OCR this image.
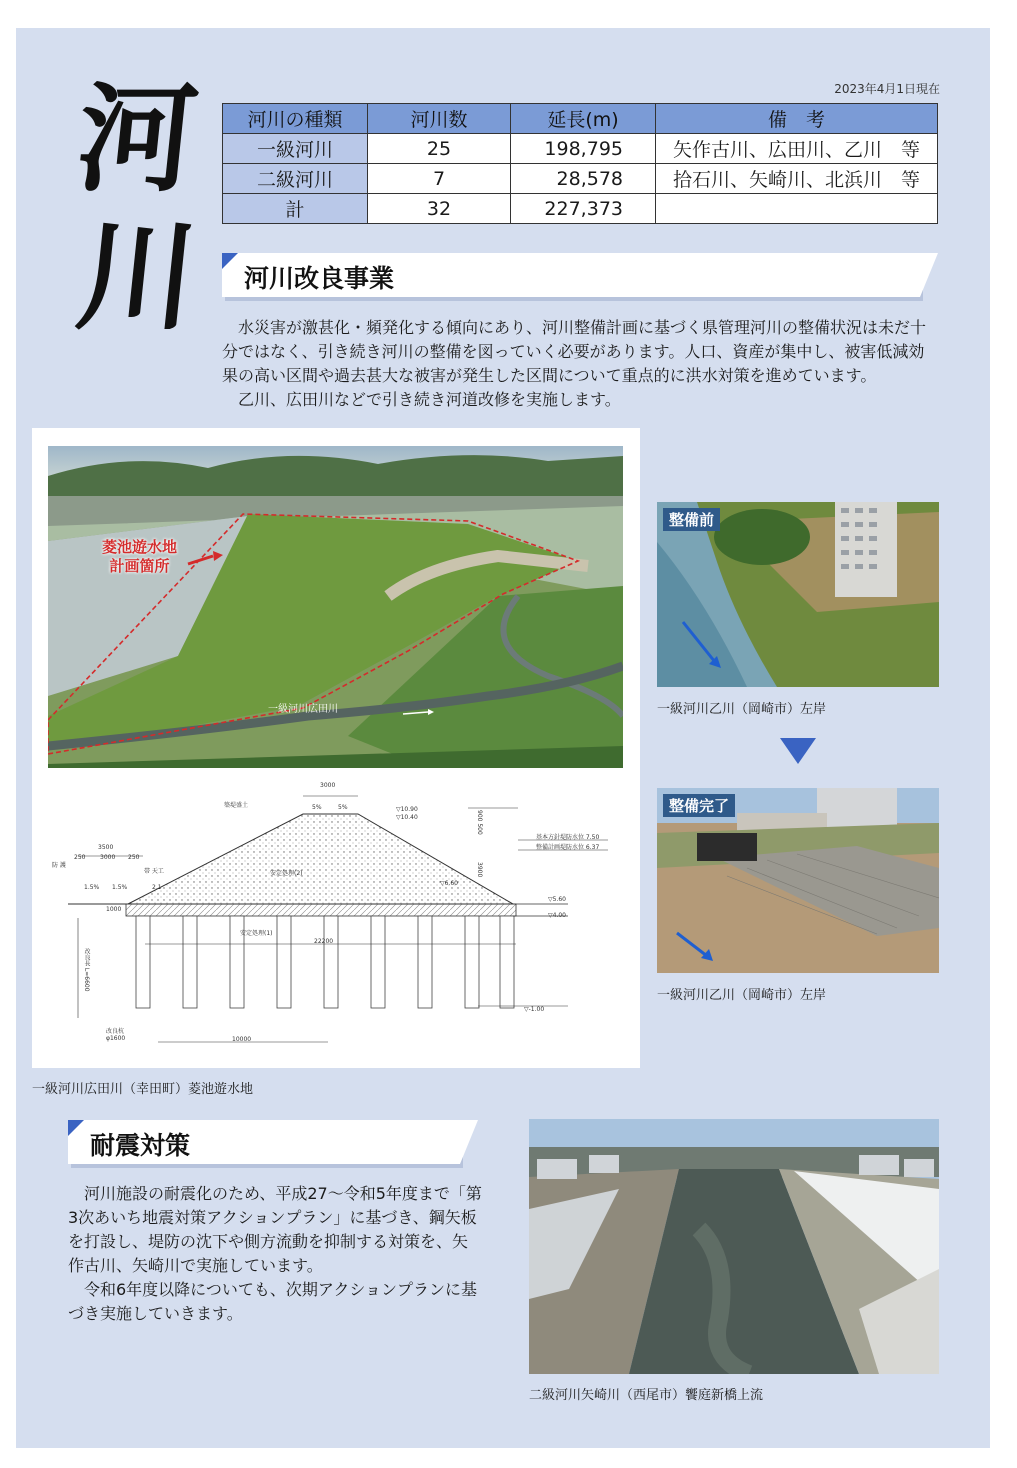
河
川
2023年4月1日現在
河川の種類	河川数	延長(m)	備　考
一級河川	25	198,795	矢作古川、広田川、乙川　等
二級河川	7	28,578	拾石川、矢崎川、北浜川　等
計	32	227,373	
河川改良事業

水災害が激甚化・頻発化する傾向にあり、河川整備計画に基づく県管理河川の整備状況は未だ十分ではなく、引き続き河川の整備を図っていく必要があります。人口、資産が集中し、被害低減効果の高い区間や過去甚大な被害が発生した区間について重点的に洪水対策を進めています。

乙川、広田川などで引き続き河道改修を実施します。

菱池遊水地
計画箇所
一級河川広田川
3000
築堤盛土	5%	5%	▽10.90
▽10.40	900 500
基本方針堤防水位 7.50
整備計画堤防水位 6.37
3900
▽6.60
3500
250 3000 250
防 護
帯 天工
1.5% 1.5%	2.1
安定処理(2)
安定処理(1)
1000
改良長 L=6600
22200
▽5.60
▽4.00
▽-1.00
改良杭 φ1600	10000
一級河川広田川（幸田町）菱池遊水地
整備前
一級河川乙川（岡崎市）左岸
整備完了
一級河川乙川（岡崎市）左岸
耐震対策

河川施設の耐震化のため、平成27～令和5年度まで「第3次あいち地震対策アクションプラン」に基づき、鋼矢板を打設し、堤防の沈下や側方流動を抑制する対策を、矢作古川、矢崎川で実施しています。

令和6年度以降についても、次期アクションプランに基づき実施していきます。

二級河川矢崎川（西尾市）饗庭新橋上流
